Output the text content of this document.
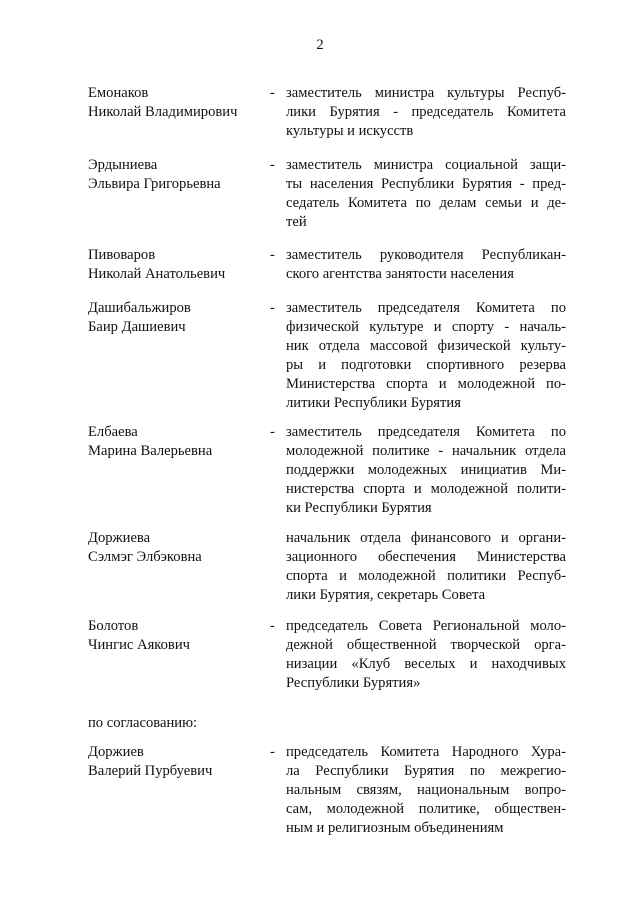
2
Емонаков
Николай Владимирович
- заместитель министра культуры Респуб-
лики Бурятия - председатель Комитета
культуры и искусств
Эрдыниева
Эльвира Григорьевна
- заместитель министра социальной защи-
ты населения Республики Бурятия - пред-
седатель Комитета по делам семьи и де-
тей
Пивоваров
Николай Анатольевич
- заместитель руководителя Республикан-
ского агентства занятости населения
Дашибальжиров
Баир Дашиевич
- заместитель председателя Комитета по
физической культуре и спорту - началь-
ник отдела массовой физической культу-
ры и подготовки спортивного резерва
Министерства спорта и молодежной по-
литики Республики Бурятия
Елбаева
Марина Валерьевна
- заместитель председателя Комитета по
молодежной политике - начальник отдела
поддержки молодежных инициатив Ми-
нистерства спорта и молодежной полити-
ки Республики Бурятия
Доржиева
Сэлмэг Элбэковна
начальник отдела финансового и органи-
зационного обеспечения Министерства
спорта и молодежной политики Респуб-
лики Бурятия, секретарь Совета
Болотов
Чингис Аякович
- председатель Совета Региональной моло-
дежной общественной творческой орга-
низации «Клуб веселых и находчивых
Республики Бурятия»
по согласованию:
Доржиев
Валерий Пурбуевич
- председатель Комитета Народного Хура-
ла Республики Бурятия по межрегио-
нальным связям, национальным вопро-
сам, молодежной политике, обществен-
ным и религиозным объединениям
